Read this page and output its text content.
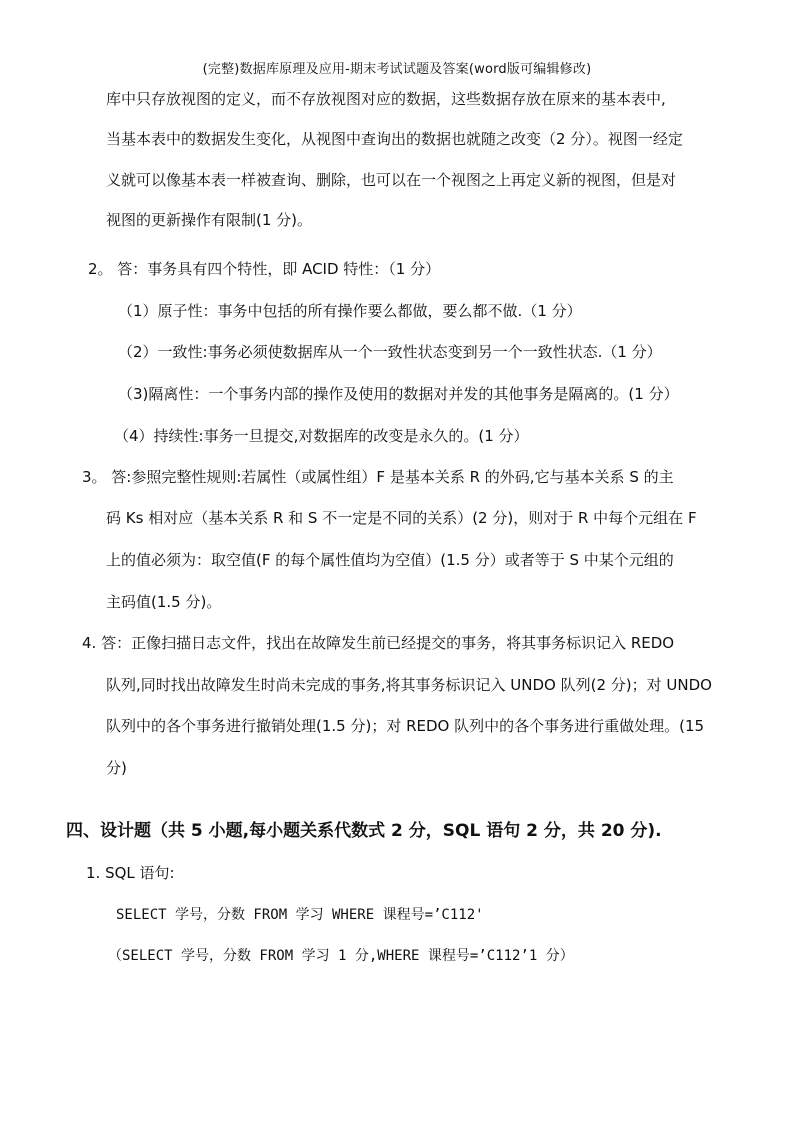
(完整)数据库原理及应用-期末考试试题及答案(word版可编辑修改)
库中只存放视图的定义，而不存放视图对应的数据，这些数据存放在原来的基本表中,
当基本表中的数据发生变化，从视图中查询出的数据也就随之改变（2 分）。视图一经定
义就可以像基本表一样被查询、删除，也可以在一个视图之上再定义新的视图，但是对
视图的更新操作有限制(1 分)。
2。 答：事务具有四个特性，即 ACID 特性：（1 分）
（1）原子性：事务中包括的所有操作要么都做，要么都不做.（1 分）
（2）一致性:事务必须使数据库从一个一致性状态变到另一个一致性状态.（1 分）
（3)隔离性：一个事务内部的操作及使用的数据对并发的其他事务是隔离的。(1 分）
（4）持续性:事务一旦提交,对数据库的改变是永久的。(1 分）
3。 答:参照完整性规则:若属性（或属性组）F 是基本关系 R 的外码,它与基本关系 S 的主
码 Ks 相对应（基本关系 R 和 S 不一定是不同的关系）(2 分)，则对于 R 中每个元组在 F
上的值必须为：取空值(F 的每个属性值均为空值）(1.5 分）或者等于 S 中某个元组的
主码值(1.5 分)。
4. 答：正像扫描日志文件，找出在故障发生前已经提交的事务，将其事务标识记入 REDO
队列,同时找出故障发生时尚未完成的事务,将其事务标识记入 UNDO 队列(2 分)；对 UNDO
队列中的各个事务进行撤销处理(1.5 分)；对 REDO 队列中的各个事务进行重做处理。(15
分)
四、设计题（共 5 小题,每小题关系代数式 2 分，SQL 语句 2 分，共 20 分).
1. SQL 语句:
SELECT 学号，分数 FROM 学习 WHERE 课程号=’C112'
（SELECT 学号，分数 FROM 学习 1 分,WHERE 课程号=’C112’1 分）
